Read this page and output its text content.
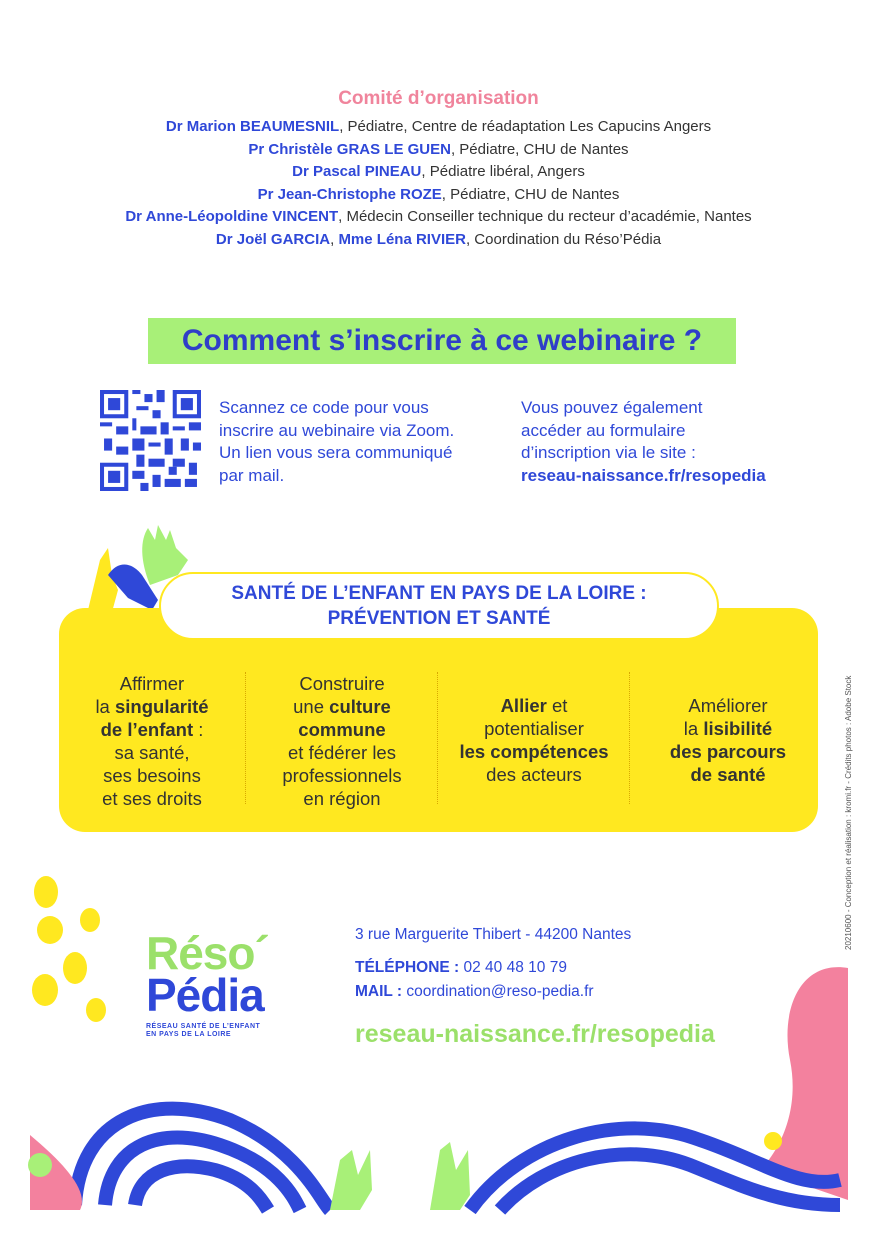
Comité d’organisation
Dr Marion BEAUMESNIL, Pédiatre, Centre de réadaptation Les Capucins Angers
Pr Christèle GRAS LE GUEN, Pédiatre, CHU de Nantes
Dr Pascal PINEAU, Pédiatre libéral, Angers
Pr Jean-Christophe ROZE, Pédiatre, CHU de Nantes
Dr Anne-Léopoldine VINCENT, Médecin Conseiller technique du recteur d’académie, Nantes
Dr Joël GARCIA, Mme Léna RIVIER, Coordination du Réso’Pédia
Comment s’inscrire à ce webinaire ?
Scannez ce code pour vous
inscrire au webinaire via Zoom.
Un lien vous sera communiqué
par mail.
Vous pouvez également
accéder au formulaire
d’inscription via le site :
reseau-naissance.fr/resopedia
SANTÉ DE L’ENFANT EN PAYS DE LA LOIRE :
PRÉVENTION ET SANTÉ
Affirmer
la singularité
de l’enfant :
sa santé,
ses besoins
et ses droits
Construire
une culture
commune
et fédérer les
professionnels
en région
Allier et
potentialiser
les compétences
des acteurs
Améliorer
la lisibilité
des parcours
de santé	20210600 - Conception et réalisation : kromi.fr - Crédits photos : Adobe Stock
Réso´
Pédia
RÉSEAU SANTÉ DE L’ENFANT
EN PAYS DE LA LOIRE
3 rue Marguerite Thibert - 44200 Nantes
TÉLÉPHONE : 02 40 48 10 79
MAIL : coordination@reso-pedia.fr
reseau-naissance.fr/resopedia
